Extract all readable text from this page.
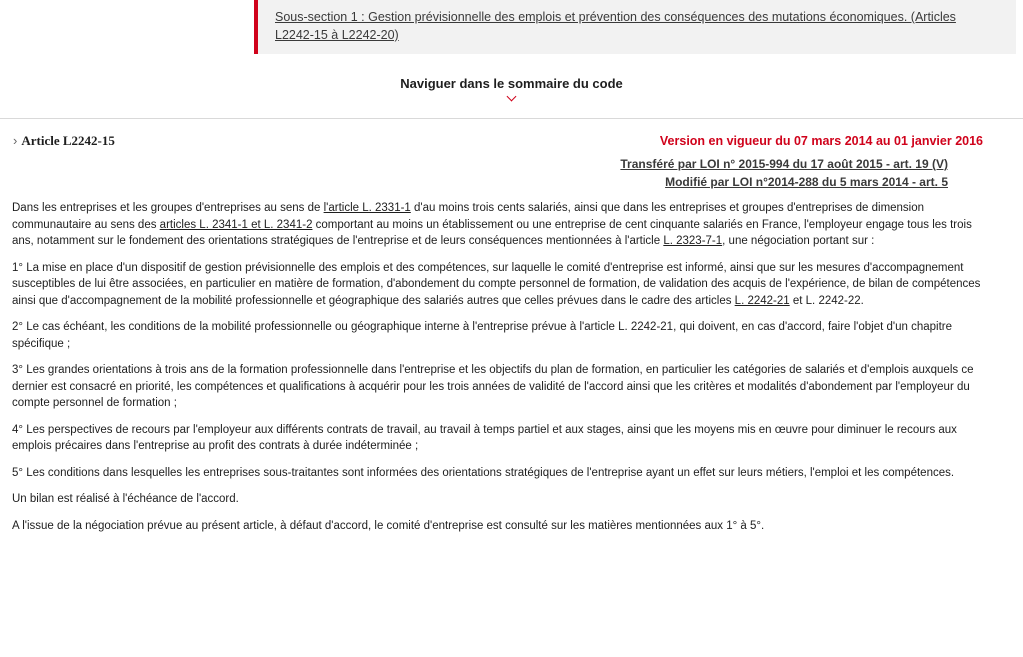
Sous-section 1 : Gestion prévisionnelle des emplois et prévention des conséquences des mutations économiques. (Articles L2242-15 à L2242-20)
Naviguer dans le sommaire du code
› Article L2242-15	Version en vigueur du 07 mars 2014 au 01 janvier 2016
Transféré par LOI n° 2015-994 du 17 août 2015 - art. 19 (V)
Modifié par LOI n°2014-288 du 5 mars 2014 - art. 5

Dans les entreprises et les groupes d'entreprises au sens de l'article L. 2331-1 d'au moins trois cents salariés, ainsi que dans les entreprises et groupes d'entreprises de dimension communautaire au sens des articles L. 2341-1 et L. 2341-2 comportant au moins un établissement ou une entreprise de cent cinquante salariés en France, l'employeur engage tous les trois ans, notamment sur le fondement des orientations stratégiques de l'entreprise et de leurs conséquences mentionnées à l'article L. 2323-7-1, une négociation portant sur :

1° La mise en place d'un dispositif de gestion prévisionnelle des emplois et des compétences, sur laquelle le comité d'entreprise est informé, ainsi que sur les mesures d'accompagnement susceptibles de lui être associées, en particulier en matière de formation, d'abondement du compte personnel de formation, de validation des acquis de l'expérience, de bilan de compétences ainsi que d'accompagnement de la mobilité professionnelle et géographique des salariés autres que celles prévues dans le cadre des articles L. 2242-21 et L. 2242-22.

2° Le cas échéant, les conditions de la mobilité professionnelle ou géographique interne à l'entreprise prévue à l'article L. 2242-21, qui doivent, en cas d'accord, faire l'objet d'un chapitre spécifique ;

3° Les grandes orientations à trois ans de la formation professionnelle dans l'entreprise et les objectifs du plan de formation, en particulier les catégories de salariés et d'emplois auxquels ce dernier est consacré en priorité, les compétences et qualifications à acquérir pour les trois années de validité de l'accord ainsi que les critères et modalités d'abondement par l'employeur du compte personnel de formation ;

4° Les perspectives de recours par l'employeur aux différents contrats de travail, au travail à temps partiel et aux stages, ainsi que les moyens mis en œuvre pour diminuer le recours aux emplois précaires dans l'entreprise au profit des contrats à durée indéterminée ;

5° Les conditions dans lesquelles les entreprises sous-traitantes sont informées des orientations stratégiques de l'entreprise ayant un effet sur leurs métiers, l'emploi et les compétences.

Un bilan est réalisé à l'échéance de l'accord.

A l'issue de la négociation prévue au présent article, à défaut d'accord, le comité d'entreprise est consulté sur les matières mentionnées aux 1° à 5°.
